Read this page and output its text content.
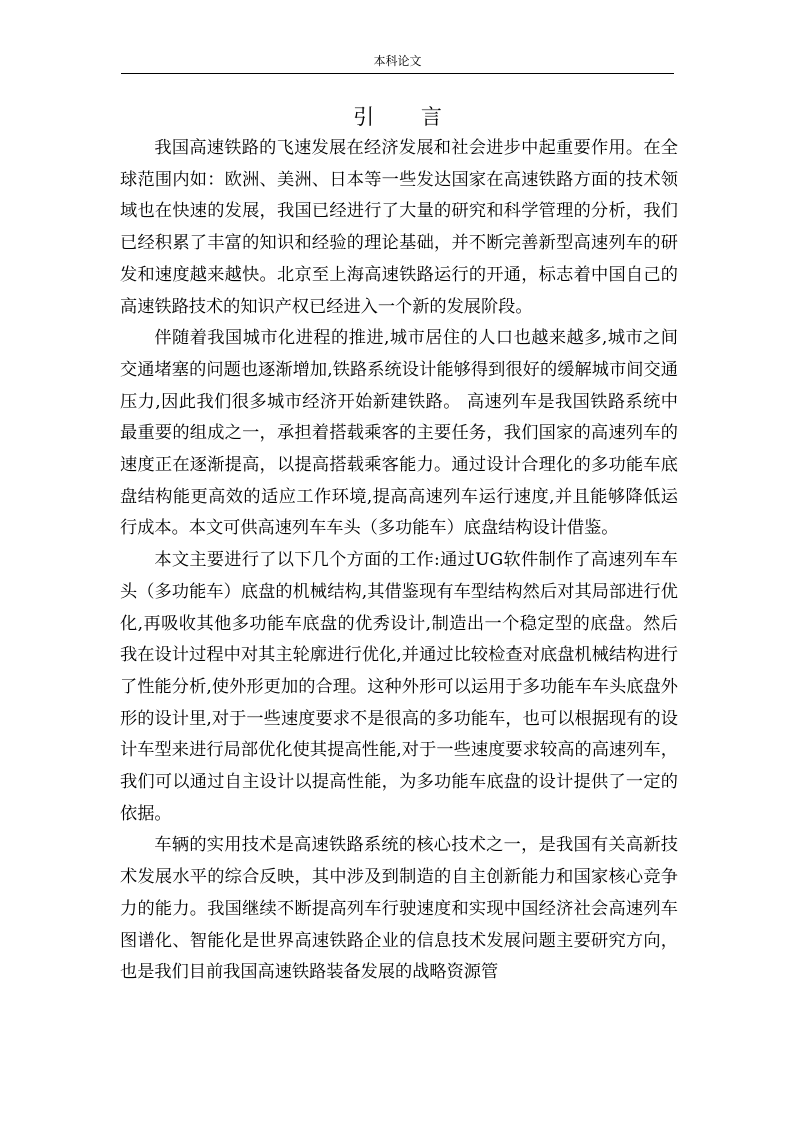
本科论文
引 言

我国高速铁路的飞速发展在经济发展和社会进步中起重要作用。在全球范围内如：欧洲、美洲、日本等一些发达国家在高速铁路方面的技术领域也在快速的发展，我国已经进行了大量的研究和科学管理的分析，我们已经积累了丰富的知识和经验的理论基础，并不断完善新型高速列车的研发和速度越来越快。北京至上海高速铁路运行的开通，标志着中国自己的高速铁路技术的知识产权已经进入一个新的发展阶段。

伴随着我国城市化进程的推进,城市居住的人口也越来越多,城市之间交通堵塞的问题也逐渐增加,铁路系统设计能够得到很好的缓解城市间交通压力,因此我们很多城市经济开始新建铁路。 高速列车是我国铁路系统中最重要的组成之一，承担着搭载乘客的主要任务，我们国家的高速列车的速度正在逐渐提高，以提高搭载乘客能力。通过设计合理化的多功能车底盘结构能更高效的适应工作环境,提高高速列车运行速度,并且能够降低运行成本。本文可供高速列车车头（多功能车）底盘结构设计借鉴。

本文主要进行了以下几个方面的工作:通过UG软件制作了高速列车车头（多功能车）底盘的机械结构,其借鉴现有车型结构然后对其局部进行优化,再吸收其他多功能车底盘的优秀设计,制造出一个稳定型的底盘。然后我在设计过程中对其主轮廓进行优化,并通过比较检查对底盘机械结构进行了性能分析,使外形更加的合理。这种外形可以运用于多功能车车头底盘外形的设计里,对于一些速度要求不是很高的多功能车，也可以根据现有的设计车型来进行局部优化使其提高性能,对于一些速度要求较高的高速列车，我们可以通过自主设计以提高性能，为多功能车底盘的设计提供了一定的依据。

车辆的实用技术是高速铁路系统的核心技术之一，是我国有关高新技术发展水平的综合反映，其中涉及到制造的自主创新能力和国家核心竞争力的能力。我国继续不断提高列车行驶速度和实现中国经济社会高速列车图谱化、智能化是世界高速铁路企业的信息技术发展问题主要研究方向，也是我们目前我国高速铁路装备发展的战略资源管
